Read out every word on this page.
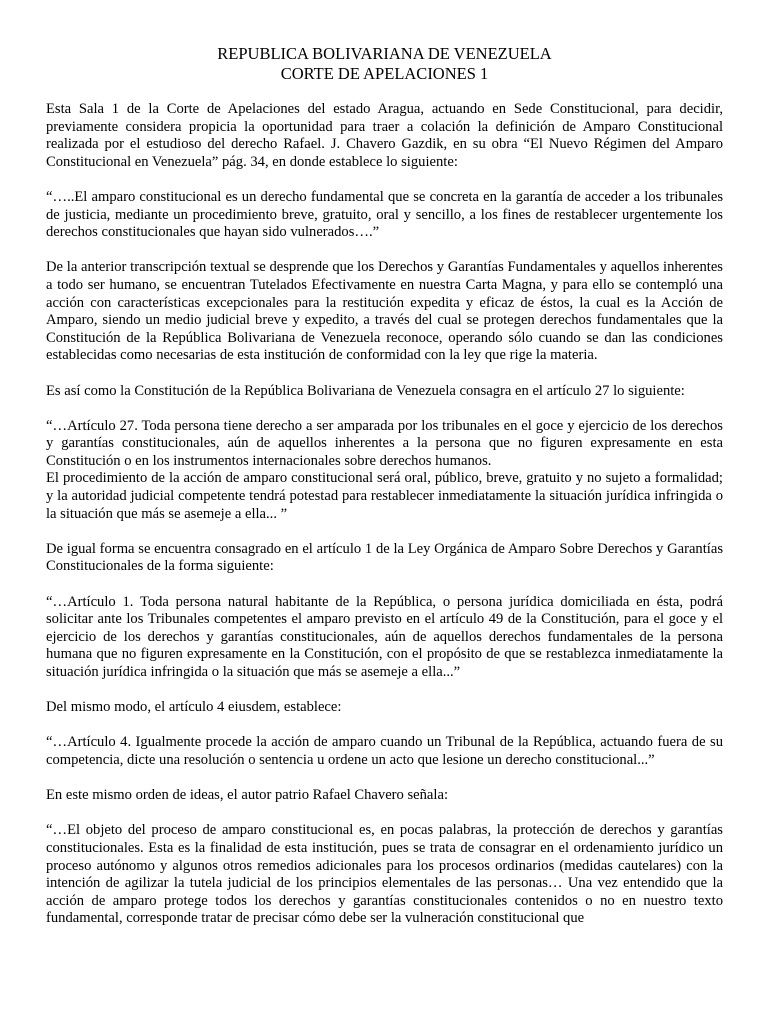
REPUBLICA BOLIVARIANA DE VENEZUELA
CORTE DE APELACIONES 1

Esta Sala 1 de la Corte de Apelaciones del estado Aragua, actuando en Sede Constitucional, para decidir, previamente considera propicia la oportunidad para traer a colación la definición de Amparo Constitucional realizada por el estudioso del derecho Rafael. J. Chavero Gazdik, en su obra “El Nuevo Régimen del Amparo Constitucional en Venezuela” pág. 34, en donde establece lo siguiente:

“…..El amparo constitucional es un derecho fundamental que se concreta en la garantía de acceder a los tribunales de justicia, mediante un procedimiento breve, gratuito, oral y sencillo, a los fines de restablecer urgentemente los derechos constitucionales que hayan sido vulnerados….”

De la anterior transcripción textual se desprende que los Derechos y Garantías Fundamentales y aquellos inherentes a todo ser humano, se encuentran Tutelados Efectivamente en nuestra Carta Magna, y para ello se contempló una acción con características excepcionales para la restitución expedita y eficaz de éstos, la cual es la Acción de Amparo, siendo un medio judicial breve y expedito, a través del cual se protegen derechos fundamentales que la Constitución de la República Bolivariana de Venezuela reconoce, operando sólo cuando se dan las condiciones establecidas como necesarias de esta institución de conformidad con la ley que rige la materia.

Es así como la Constitución de la República Bolivariana de Venezuela consagra en el artículo 27 lo siguiente:

“…Artículo 27. Toda persona tiene derecho a ser amparada por los tribunales en el goce y ejercicio de los derechos y garantías constitucionales, aún de aquellos inherentes a la persona que no figuren expresamente en esta Constitución o en los instrumentos internacionales sobre derechos humanos.

El procedimiento de la acción de amparo constitucional será oral, público, breve, gratuito y no sujeto a formalidad; y la autoridad judicial competente tendrá potestad para restablecer inmediatamente la situación jurídica infringida o la situación que más se asemeje a ella... ”

De igual forma se encuentra consagrado en el artículo 1 de la Ley Orgánica de Amparo Sobre Derechos y Garantías Constitucionales de la forma siguiente:

“…Artículo 1. Toda persona natural habitante de la República, o persona jurídica domiciliada en ésta, podrá solicitar ante los Tribunales competentes el amparo previsto en el artículo 49 de la Constitución, para el goce y el ejercicio de los derechos y garantías constitucionales, aún de aquellos derechos fundamentales de la persona humana que no figuren expresamente en la Constitución, con el propósito de que se restablezca inmediatamente la situación jurídica infringida o la situación que más se asemeje a ella...”

Del mismo modo, el artículo 4 eiusdem, establece:

“…Artículo 4. Igualmente procede la acción de amparo cuando un Tribunal de la República, actuando fuera de su competencia, dicte una resolución o sentencia u ordene un acto que lesione un derecho constitucional...”

En este mismo orden de ideas, el autor patrio Rafael Chavero señala:

“…El objeto del proceso de amparo constitucional es, en pocas palabras, la protección de derechos y garantías constitucionales. Esta es la finalidad de esta institución, pues se trata de consagrar en el ordenamiento jurídico un proceso autónomo y algunos otros remedios adicionales para los procesos ordinarios (medidas cautelares) con la intención de agilizar la tutela judicial de los principios elementales de las personas… Una vez entendido que la acción de amparo protege todos los derechos y garantías constitucionales contenidos o no en nuestro texto fundamental, corresponde tratar de precisar cómo debe ser la vulneración constitucional que
